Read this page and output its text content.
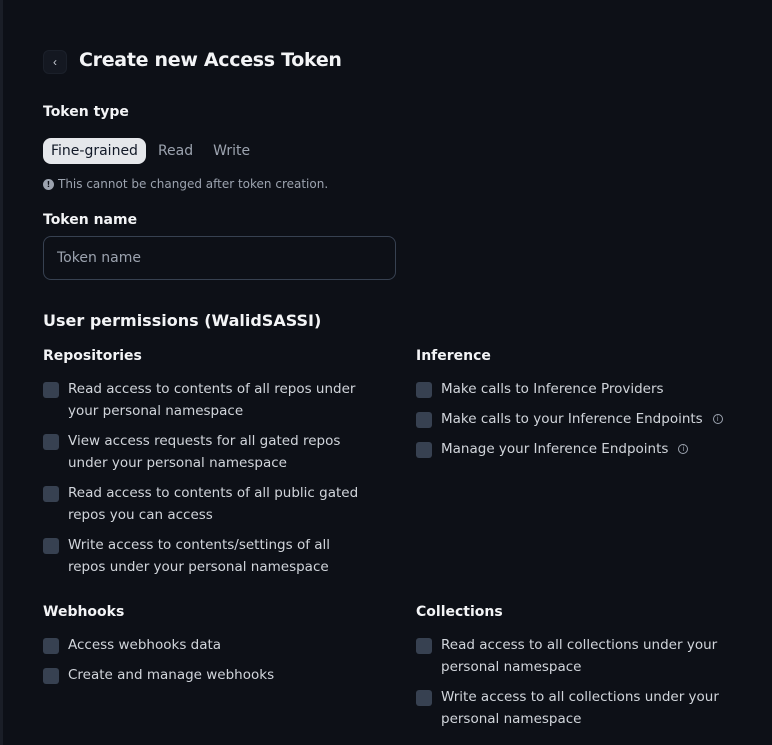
‹ Create new Access Token
Token type
Fine-grained	Read	Write
! This cannot be changed after token creation.
Token name
Token name
User permissions (WalidSASSI)
Repositories
Read access to contents of all repos under your personal namespace
View access requests for all gated repos under your personal namespace
Read access to contents of all public gated repos you can access
Write access to contents/settings of all repos under your personal namespace
Inference
Make calls to Inference Providers
Make calls to your Inference Endpoints i
Manage your Inference Endpoints i
Webhooks
Access webhooks data
Create and manage webhooks
Collections
Read access to all collections under your personal namespace
Write access to all collections under your personal namespace
